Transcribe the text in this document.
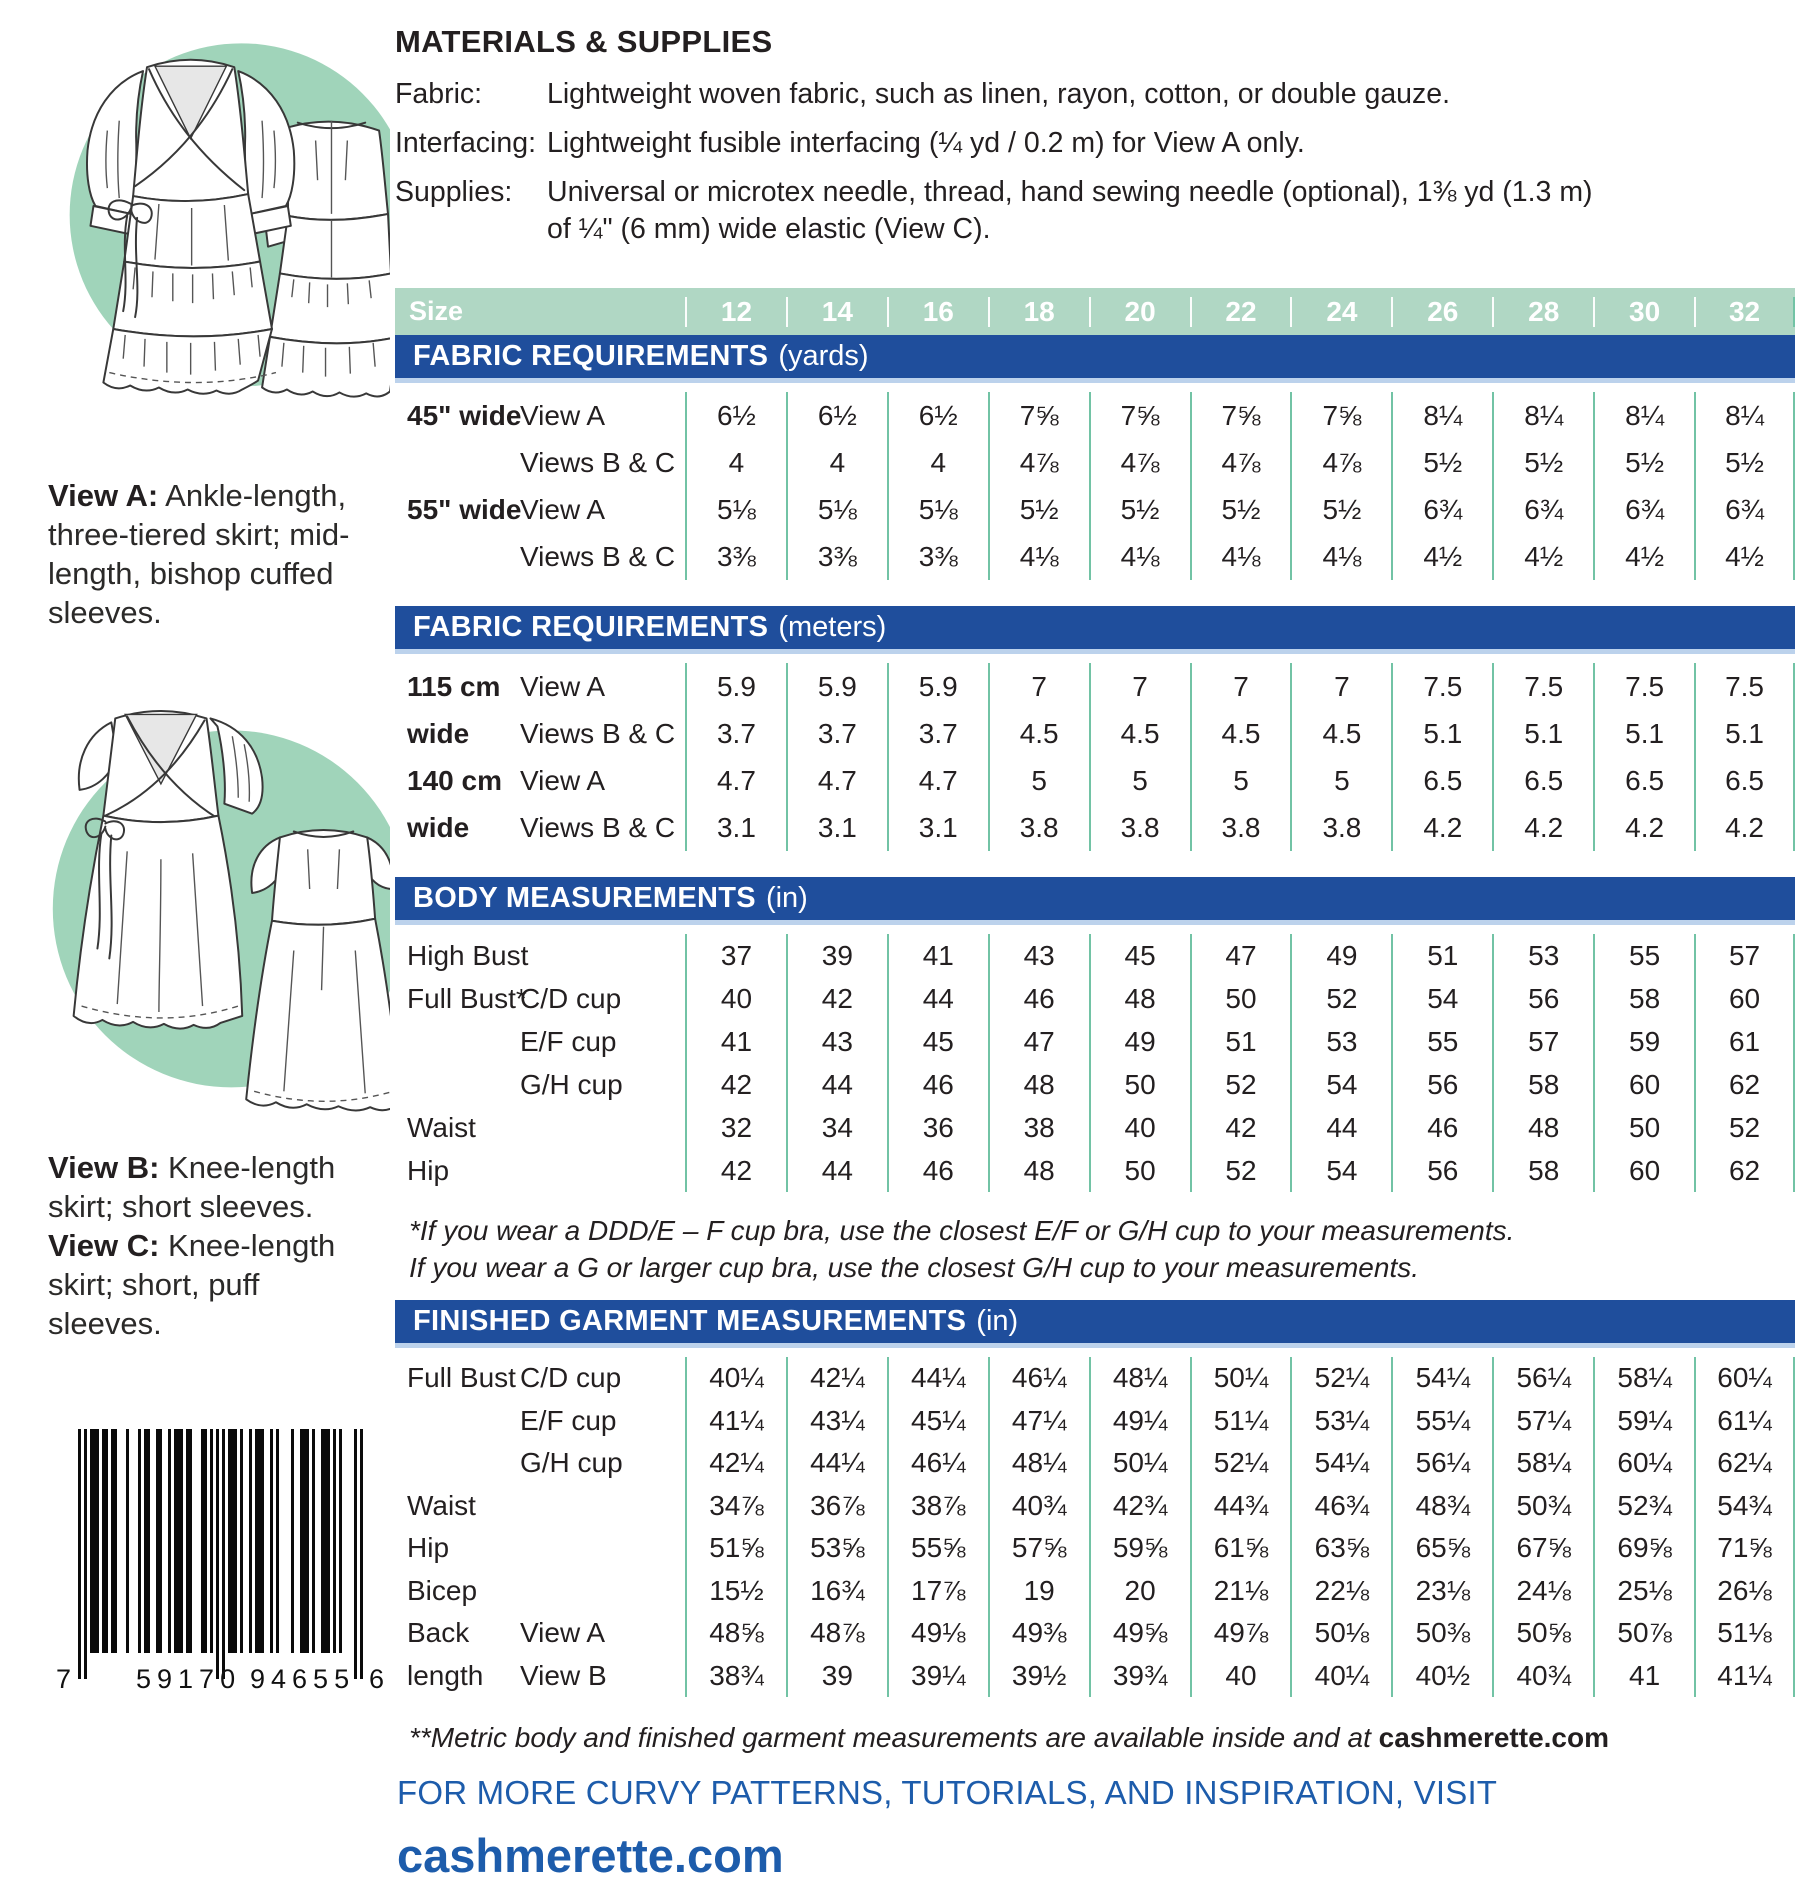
View A: Ankle-length, three-tiered skirt; mid-length, bishop cuffed sleeves.

View B: Knee-length skirt; short sleeves.
View C: Knee-length skirt; short, puff sleeves.

7 59170 94655 6
MATERIALS & SUPPLIES
Fabric:	Lightweight woven fabric, such as linen, rayon, cotton, or double gauze.
Interfacing: Lightweight fusible interfacing (¼ yd / 0.2 m) for View A only.
Supplies:	Universal or microtex needle, thread, hand sewing needle (optional), 1⅜ yd (1.3 m) of ¼" (6 mm) wide elastic (View C).
Size	12	14	16	18	20	22	24	26	28	30	32
FABRIC REQUIREMENTS (yards)
45" wide
View A	6½	6½	6½	7⅝	7⅝	7⅝	7⅝	8¼	8¼	8¼	8¼
Views B & C	4	4	4	4⅞	4⅞	4⅞	4⅞	5½	5½	5½	5½
55" wide
View A	5⅛	5⅛	5⅛	5½	5½	5½	5½	6¾	6¾	6¾	6¾
Views B & C	3⅜	3⅜	3⅜	4⅛	4⅛	4⅛	4⅛	4½	4½	4½	4½
FABRIC REQUIREMENTS (meters)
115 cm View A	5.9	5.9	5.9	7	7	7	7	7.5	7.5	7.5	7.5
wide	Views B & C	3.7	3.7	3.7	4.5	4.5	4.5	4.5	5.1	5.1	5.1	5.1
140 cm View A	4.7	4.7	4.7	5	5	5	5	6.5	6.5	6.5	6.5
wide	Views B & C	3.1	3.1	3.1	3.8	3.8	3.8	3.8	4.2	4.2	4.2	4.2
BODY MEASUREMENTS (in)
High Bust	37	39	41	43	45	47	49	51	53	55	57
Full Bust*
C/D cup	40	42	44	46	48	50	52	54	56	58	60
E/F cup	41	43	45	47	49	51	53	55	57	59	61
G/H cup	42	44	46	48	50	52	54	56	58	60	62
Waist	32	34	36	38	40	42	44	46	48	50	52
Hip	42	44	46	48	50	52	54	56	58	60	62
*If you wear a DDD/E – F cup bra, use the closest E/F or G/H cup to your measurements.
If you wear a G or larger cup bra, use the closest G/H cup to your measurements.
FINISHED GARMENT MEASUREMENTS (in)
Full Bust C/D cup	40¼	42¼	44¼	46¼	48¼	50¼	52¼	54¼	56¼	58¼	60¼
E/F cup	41¼	43¼	45¼	47¼	49¼	51¼	53¼	55¼	57¼	59¼	61¼
G/H cup	42¼	44¼	46¼	48¼	50¼	52¼	54¼	56¼	58¼	60¼	62¼
Waist	34⅞	36⅞	38⅞	40¾	42¾	44¾	46¾	48¾	50¾	52¾	54¾
Hip	51⅝	53⅝	55⅝	57⅝	59⅝	61⅝	63⅝	65⅝	67⅝	69⅝	71⅝
Bicep	15½	16¾	17⅞	19	20	21⅛	22⅛	23⅛	24⅛	25⅛	26⅛
Back	View A	48⅝	48⅞	49⅛	49⅜	49⅝	49⅞	50⅛	50⅜	50⅝	50⅞	51⅛
length	View B	38¾	39	39¼	39½	39¾	40	40¼	40½	40¾	41	41¼
**Metric body and finished garment measurements are available inside and at cashmerette.com
FOR MORE CURVY PATTERNS, TUTORIALS, AND INSPIRATION, VISIT
cashmerette.com
